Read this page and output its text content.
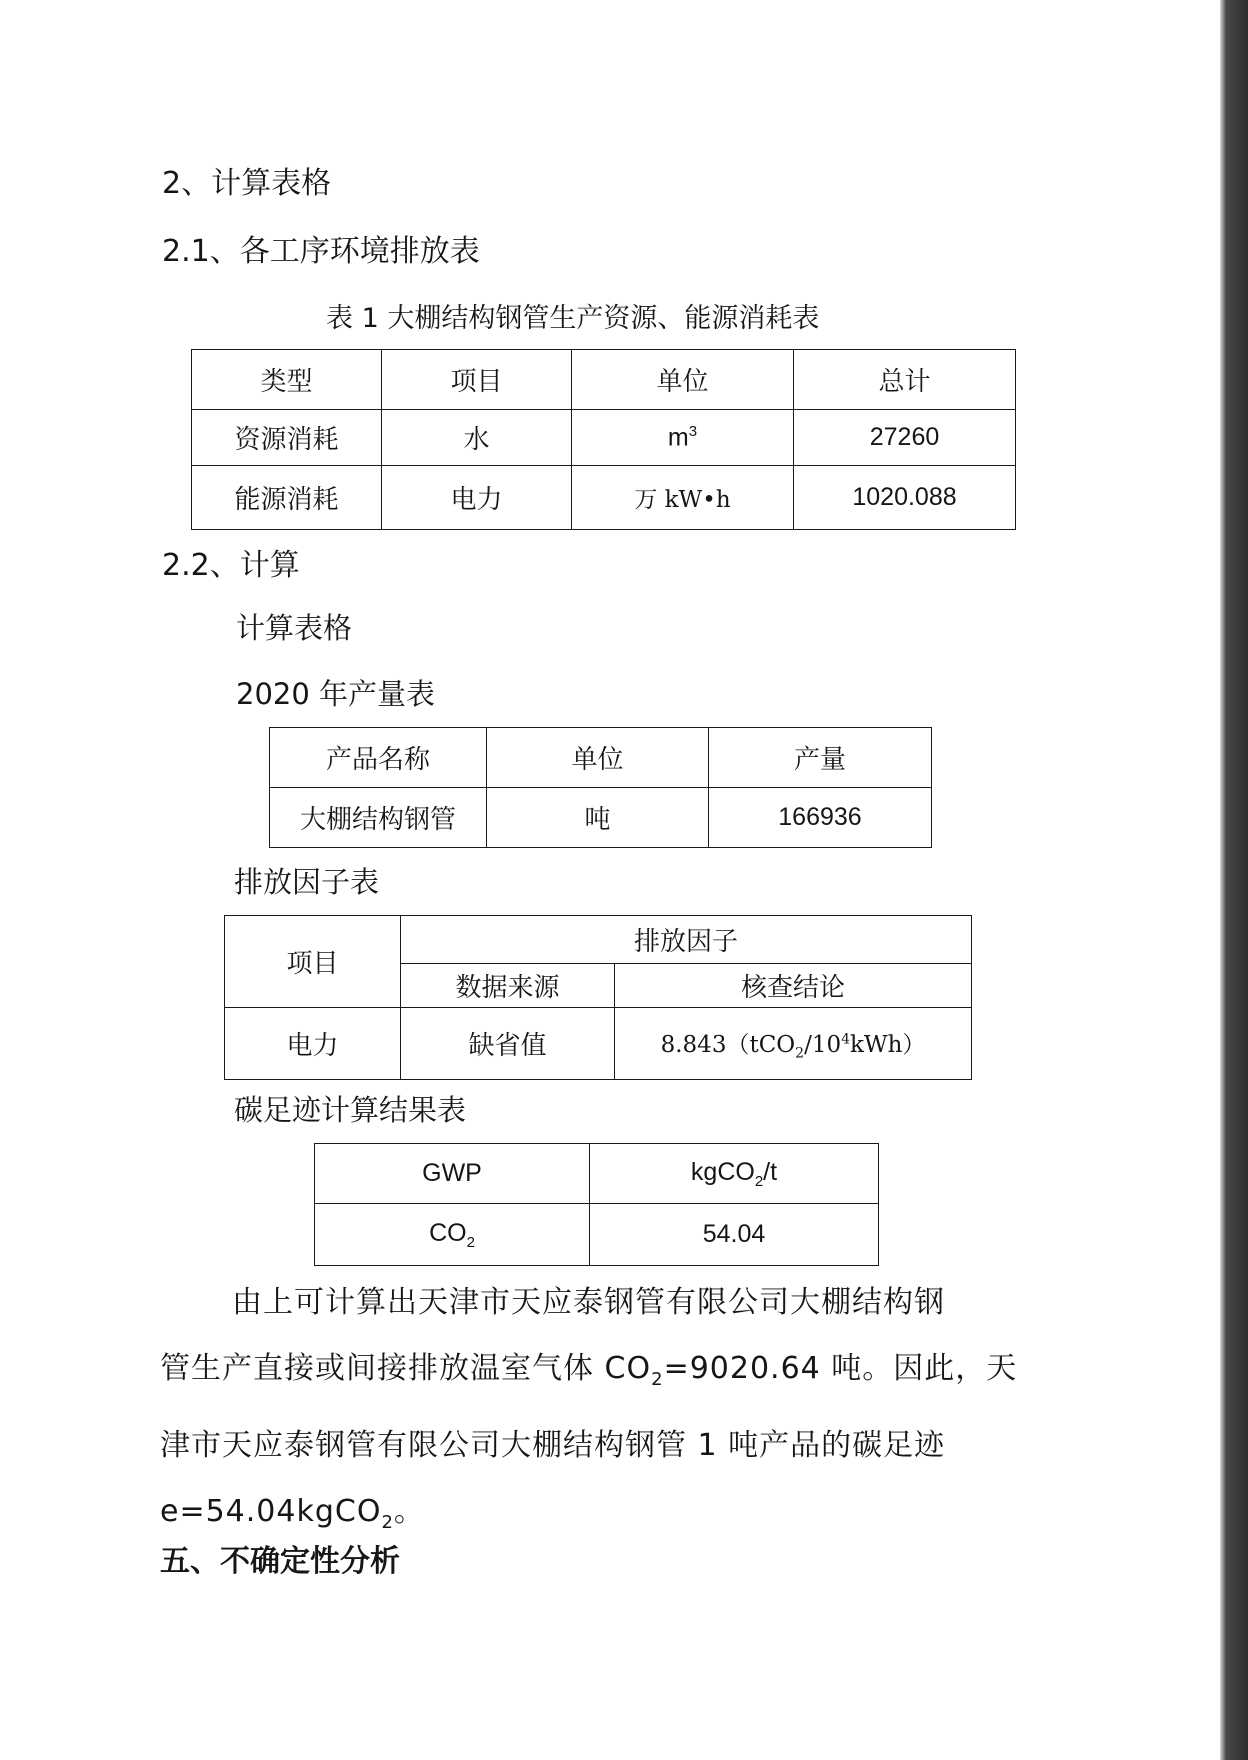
2、计算表格
2.1、各工序环境排放表
表 1 大棚结构钢管生产资源、能源消耗表
类型	项目	单位	总计
资源消耗	水	$m^3$	27260
能源消耗	电力	万 kW•h	1020.088
2.2、计算
计算表格
2020 年产量表
产品名称	单位	产量
大棚结构钢管	吨	166936
排放因子表
项目	排放因子	
	数据来源	核查结论
电力	缺省值	$8.843(tCO_2/10^4kWh)$
碳足迹计算结果表
GWP	kgCO$_2$/t
$CO_2$	54.04

由上可计算出天津市天应泰钢管有限公司大棚结构钢

管生产直接或间接排放温室气体 $CO_2=9020.64$ 吨。因此，天

津市天应泰钢管有限公司大棚结构钢管 1 吨产品的碳足迹

e=54.04kgCO$_2$。

五、不确定性分析
